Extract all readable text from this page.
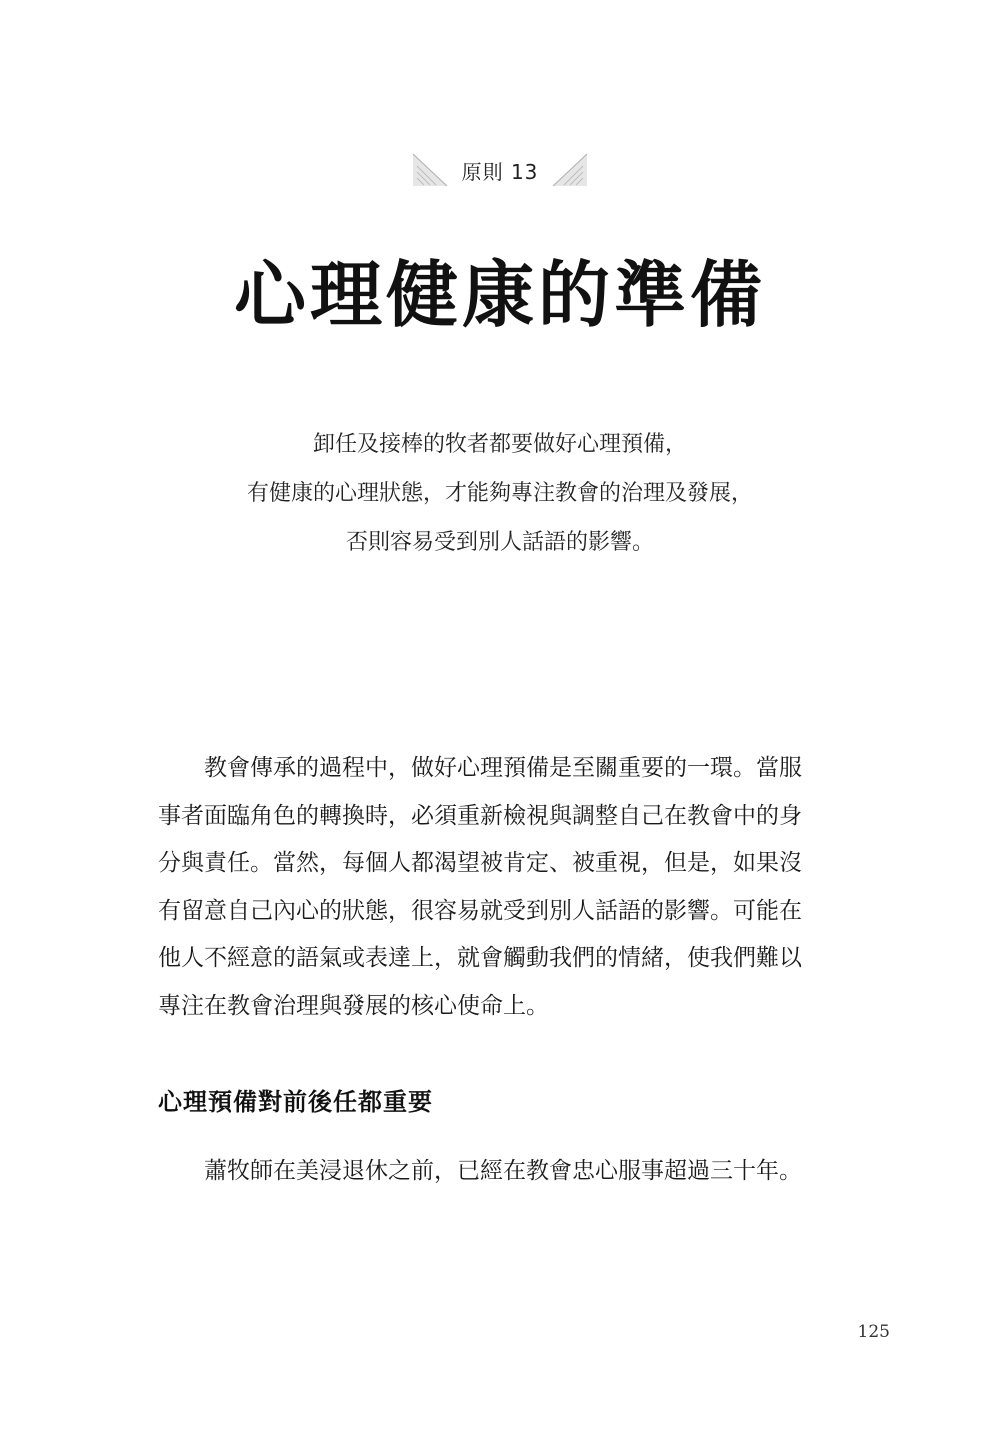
原則 13
心理健康的準備
卸任及接棒的牧者都要做好心理預備，
有健康的心理狀態，才能夠專注教會的治理及發展，
否則容易受到別人話語的影響。
教會傳承的過程中，做好心理預備是至關重要的一環。當服
事者面臨角色的轉換時，必須重新檢視與調整自己在教會中的身
分與責任。當然，每個人都渴望被肯定、被重視，但是，如果沒
有留意自己內心的狀態，很容易就受到別人話語的影響。可能在
他人不經意的語氣或表達上，就會觸動我們的情緒，使我們難以
專注在教會治理與發展的核心使命上。
心理預備對前後任都重要
蕭牧師在美浸退休之前，已經在教會忠心服事超過三十年。
125
